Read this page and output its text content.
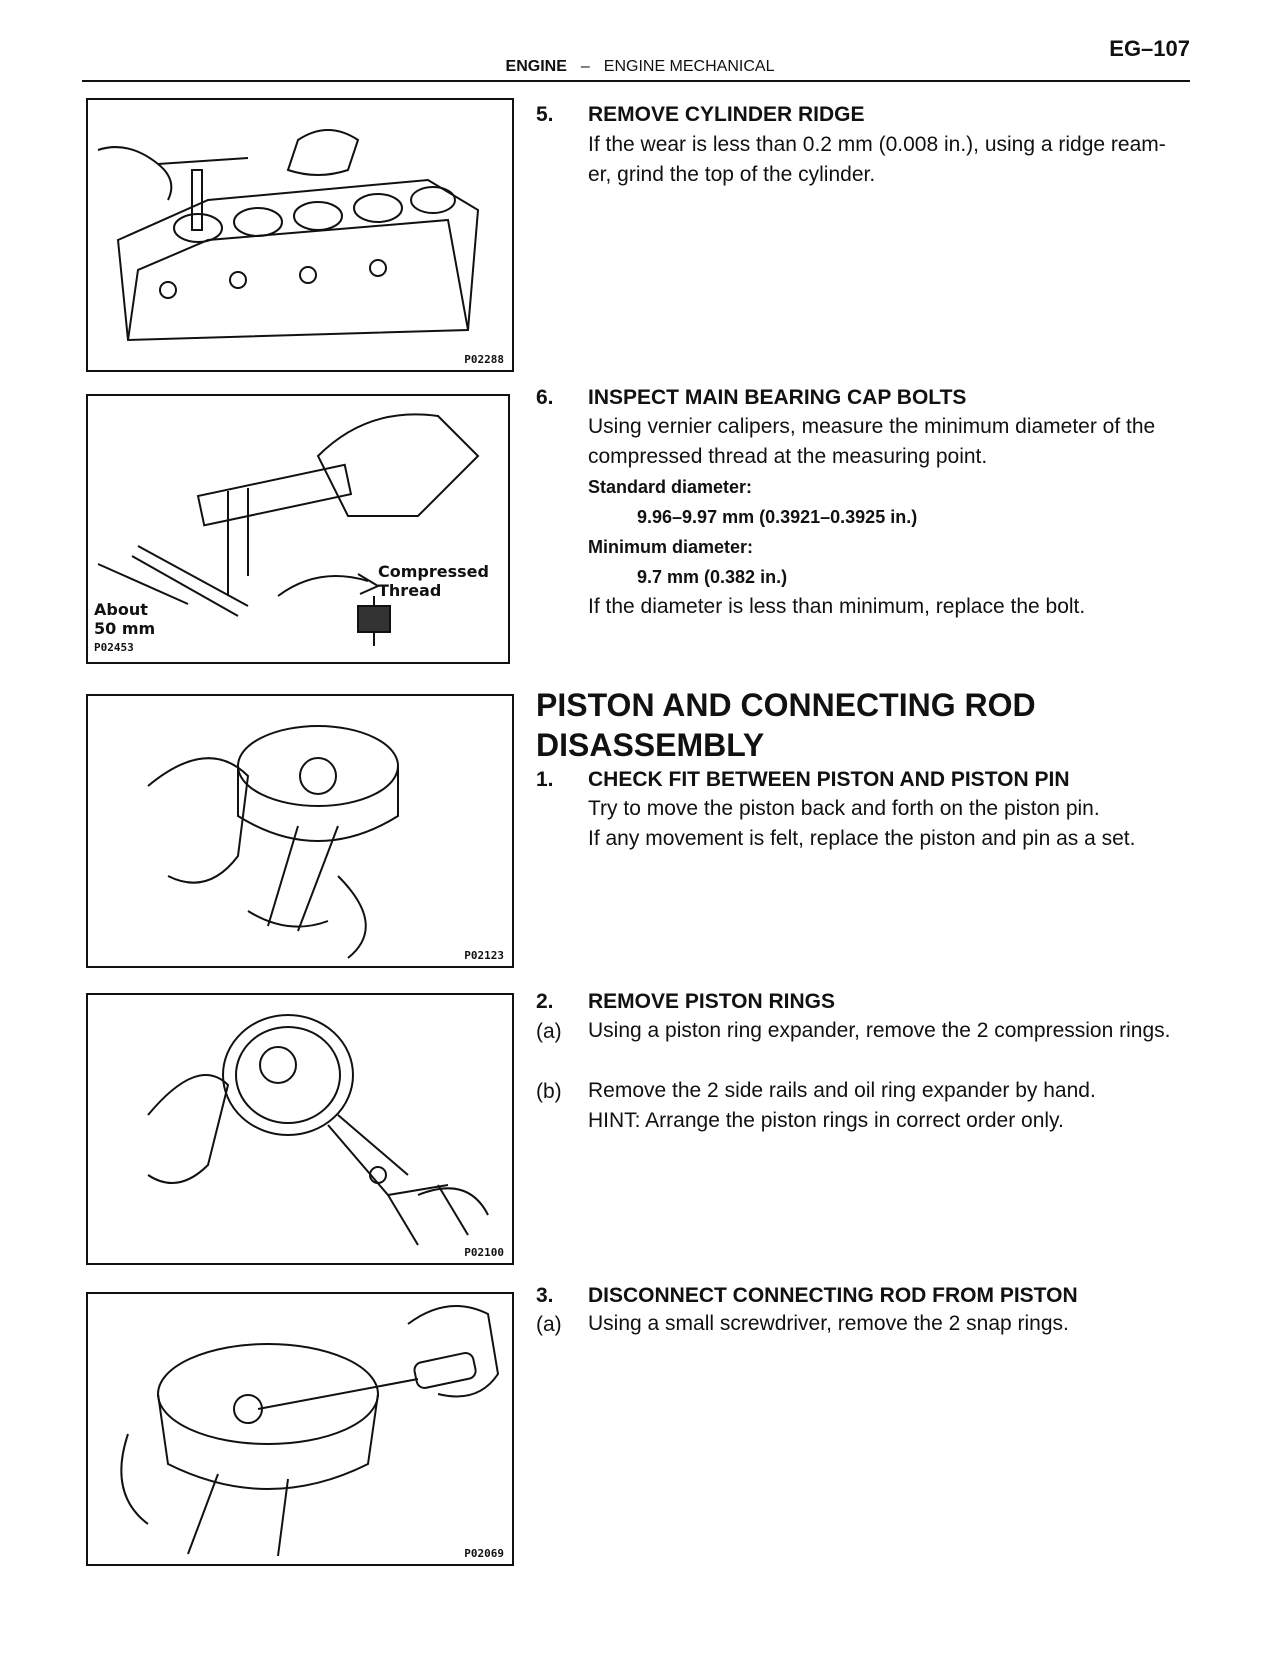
EG–107
ENGINE – ENGINE MECHANICAL
P02288
5. REMOVE CYLINDER RIDGE
If the wear is less than 0.2 mm (0.008 in.), using a ridge ream- er, grind the top of the cylinder.
Compressed
Thread
About
50 mm
P02453
6. INSPECT MAIN BEARING CAP BOLTS
Using vernier calipers, measure the minimum diameter of the compressed thread at the measuring point.
Standard diameter:
9.96–9.97 mm (0.3921–0.3925 in.)
Minimum diameter:
9.7 mm (0.382 in.)
If the diameter is less than minimum, replace the bolt.
PISTON AND CONNECTING ROD DISASSEMBLY
P02123
1. CHECK FIT BETWEEN PISTON AND PISTON PIN
Try to move the piston back and forth on the piston pin.
If any movement is felt, replace the piston and pin as a set.
P02100
2. REMOVE PISTON RINGS
(a) Using a piston ring expander, remove the 2 compression rings.
(b) Remove the 2 side rails and oil ring expander by hand.
HINT: Arrange the piston rings in correct order only.
P02069
3. DISCONNECT CONNECTING ROD FROM PISTON
(a) Using a small screwdriver, remove the 2 snap rings.
